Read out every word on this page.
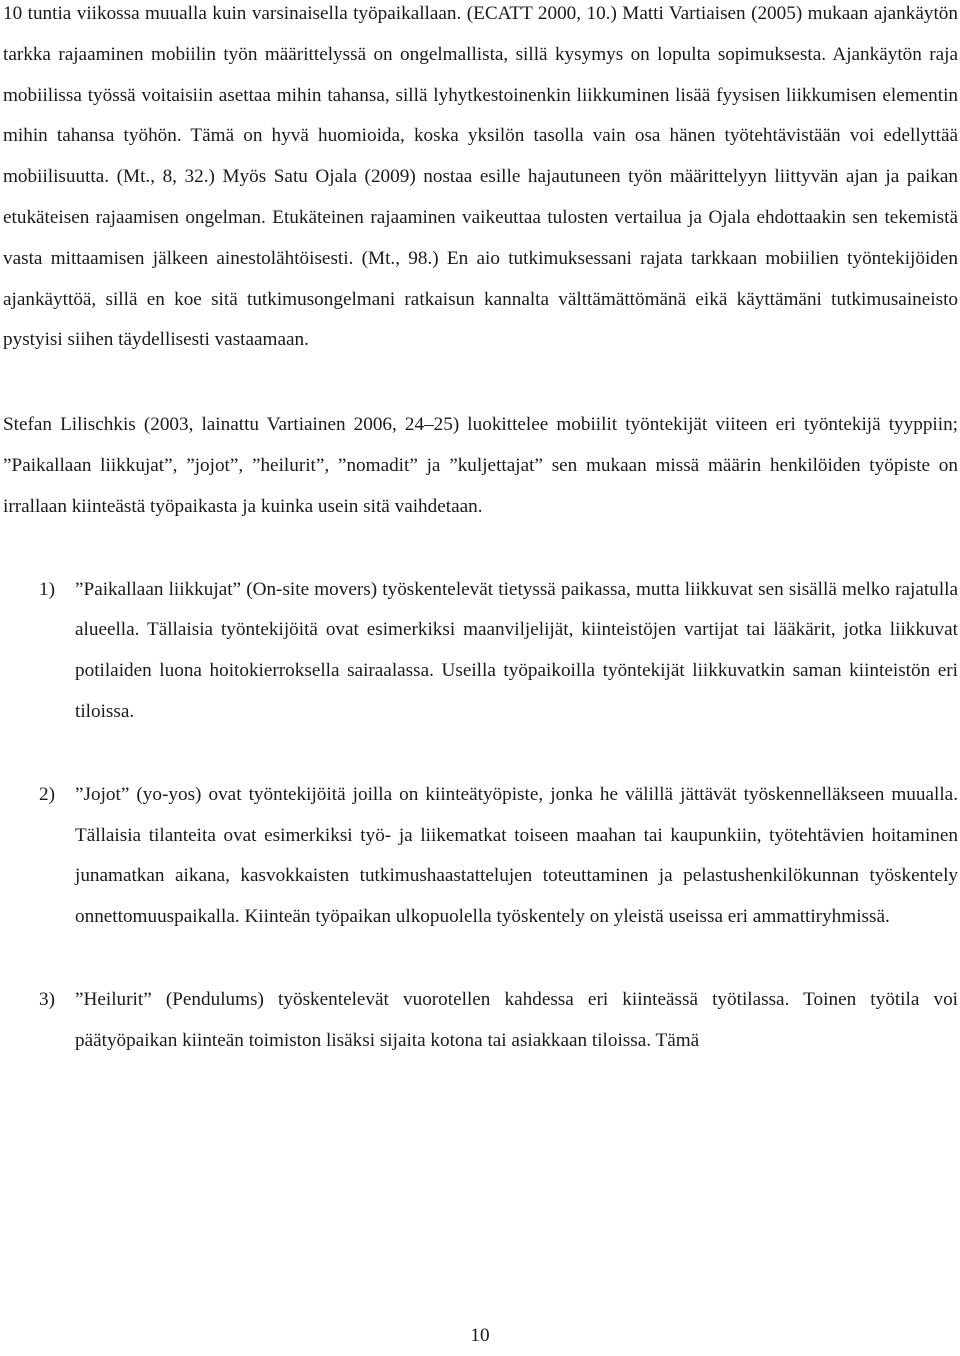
10 tuntia viikossa muualla kuin varsinaisella työpaikallaan. (ECATT 2000, 10.) Matti Vartiaisen (2005) mukaan ajankäytön tarkka rajaaminen mobiilin työn määrittelyssä on ongelmallista, sillä kysymys on lopulta sopimuksesta. Ajankäytön raja mobiilissa työssä voitaisiin asettaa mihin tahansa, sillä lyhytkestoinenkin liikkuminen lisää fyysisen liikkumisen elementin mihin tahansa työhön. Tämä on hyvä huomioida, koska yksilön tasolla vain osa hänen työtehtävistään voi edellyttää mobiilisuutta. (Mt., 8, 32.) Myös Satu Ojala (2009) nostaa esille hajautuneen työn määrittelyyn liittyvän ajan ja paikan etukäteisen rajaamisen ongelman. Etukäteinen rajaaminen vaikeuttaa tulosten vertailua ja Ojala ehdottaakin sen tekemistä vasta mittaamisen jälkeen ainestolähtöisesti. (Mt., 98.) En aio tutkimuksessani rajata tarkkaan mobiilien työntekijöiden ajankäyttöä, sillä en koe sitä tutkimusongelmani ratkaisun kannalta välttämättömänä eikä käyttämäni tutkimusaineisto pystyisi siihen täydellisesti vastaamaan.

Stefan Lilischkis (2003, lainattu Vartiainen 2006, 24–25) luokittelee mobiilit työntekijät viiteen eri työntekijä tyyppiin; ”Paikallaan liikkujat”, ”jojot”, ”heilurit”, ”nomadit” ja ”kuljettajat” sen mukaan missä määrin henkilöiden työpiste on irrallaan kiinteästä työpaikasta ja kuinka usein sitä vaihdetaan.

1) ”Paikallaan liikkujat” (On-site movers) työskentelevät tietyssä paikassa, mutta liikkuvat sen sisällä melko rajatulla alueella. Tällaisia työntekijöitä ovat esimerkiksi maanviljelijät, kiinteistöjen vartijat tai lääkärit, jotka liikkuvat potilaiden luona hoitokierroksella sairaalassa. Useilla työpaikoilla työntekijät liikkuvatkin saman kiinteistön eri tiloissa.
2) ”Jojot” (yo-yos) ovat työntekijöitä joilla on kiinteätyöpiste, jonka he välillä jättävät työskennelläkseen muualla. Tällaisia tilanteita ovat esimerkiksi työ- ja liikematkat toiseen maahan tai kaupunkiin, työtehtävien hoitaminen junamatkan aikana, kasvokkaisten tutkimushaastattelujen toteuttaminen ja pelastushenkilökunnan työskentely onnettomuuspaikalla. Kiinteän työpaikan ulkopuolella työskentely on yleistä useissa eri ammattiryhmissä.
3) ”Heilurit” (Pendulums) työskentelevät vuorotellen kahdessa eri kiinteässä työtilassa. Toinen työtila voi päätyöpaikan kiinteän toimiston lisäksi sijaita kotona tai asiakkaan tiloissa. Tämä
10
